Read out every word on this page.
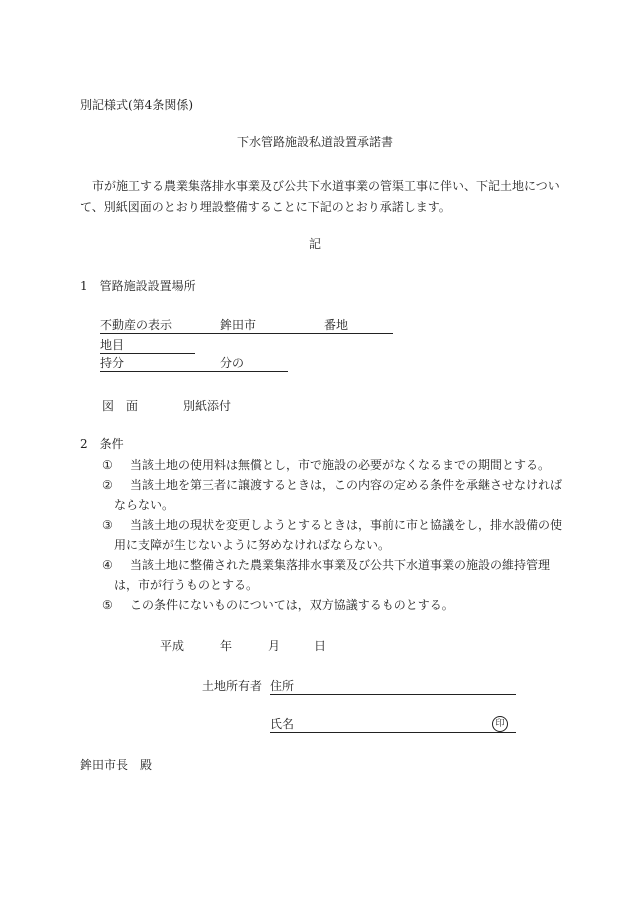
別記様式(第4条関係)
下水管路施設私道設置承諾書
市が施工する農業集落排水事業及び公共下水道事業の管渠工事に伴い、下記土地について、別紙図面のとおり埋設整備することに下記のとおり承諾します。
記
1　管路施設設置場所
不動産の表示	鉾田市	番地
地目
持分	分の
図　面	別紙添付
2　条件
① 当該土地の使用料は無償とし，市で施設の必要がなくなるまでの期間とする。
② 当該土地を第三者に譲渡するときは，この内容の定める条件を承継させなければ
ならない。
③ 当該土地の現状を変更しようとするときは，事前に市と協議をし，排水設備の使
用に支障が生じないように努めなければならない。
④ 当該土地に整備された農業集落排水事業及び公共下水道事業の施設の維持管理
は，市が行うものとする。
⑤ この条件にないものについては，双方協議するものとする。
平成	年	月	日
土地所有者 住所
氏名	印
鉾田市長　殿
